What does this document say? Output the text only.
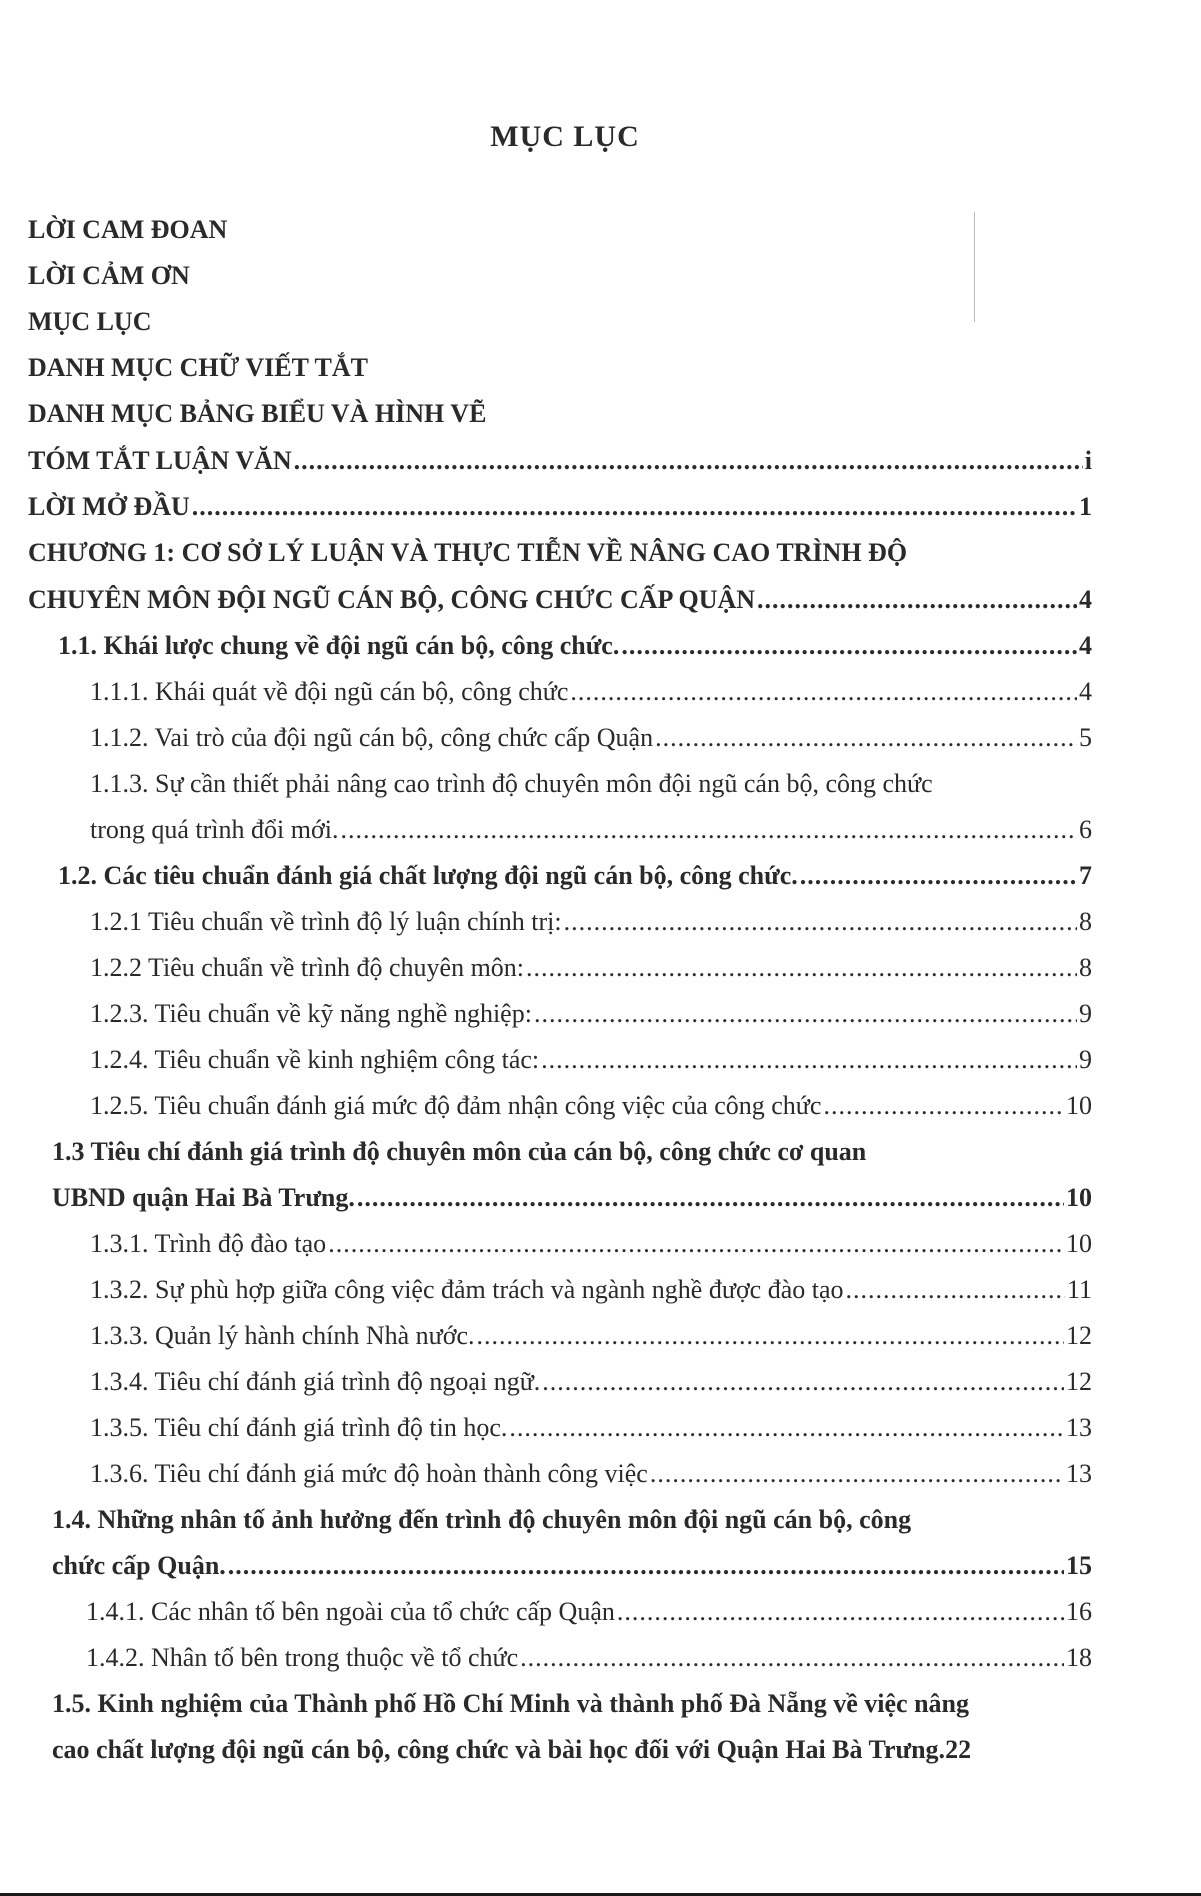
MỤC LỤC
LỜI CAM ĐOAN
LỜI CẢM ƠN
MỤC LỤC
DANH MỤC CHỮ VIẾT TẮT
DANH MỤC BẢNG BIỂU VÀ HÌNH VẼ
TÓM TẮT LUẬN VĂN .....	i
LỜI MỞ ĐẦU .....	1
CHƯƠNG 1: CƠ SỞ LÝ LUẬN VÀ THỰC TIỄN VỀ NÂNG CAO TRÌNH ĐỘ
CHUYÊN MÔN ĐỘI NGŨ CÁN BỘ, CÔNG CHỨC CẤP QUẬN .....	4
1.1. Khái lược chung về đội ngũ cán bộ, công chức. .....	4
1.1.1. Khái quát về đội ngũ cán bộ, công chức .....	4
1.1.2. Vai trò của đội ngũ cán bộ, công chức cấp Quận .....	5
1.1.3. Sự cần thiết phải nâng cao trình độ chuyên môn đội ngũ cán bộ, công chức
trong quá trình đổi mới. .....	6
1.2. Các tiêu chuẩn đánh giá chất lượng đội ngũ cán bộ, công chức. .....	7
1.2.1 Tiêu chuẩn về trình độ lý luận chính trị: .....	8
1.2.2 Tiêu chuẩn về trình độ chuyên môn: .....	8
1.2.3. Tiêu chuẩn về kỹ năng nghề nghiệp: .....	9
1.2.4. Tiêu chuẩn về kinh nghiệm công tác: .....	9
1.2.5. Tiêu chuẩn đánh giá mức độ đảm nhận công việc của công chức .....	10
1.3 Tiêu chí đánh giá trình độ chuyên môn của cán bộ, công chức cơ quan
UBND quận Hai Bà Trưng. .....	10
1.3.1. Trình độ đào tạo .....	10
1.3.2. Sự phù hợp giữa công việc đảm trách và ngành nghề được đào tạo .....	11
1.3.3. Quản lý hành chính Nhà nước. .....	12
1.3.4. Tiêu chí đánh giá trình độ ngoại ngữ. .....	12
1.3.5. Tiêu chí đánh giá trình độ tin học. .....	13
1.3.6. Tiêu chí đánh giá mức độ hoàn thành công việc .....	13
1.4. Những nhân tố ảnh hưởng đến trình độ chuyên môn đội ngũ cán bộ, công
chức cấp Quận. .....	15
1.4.1. Các nhân tố bên ngoài của tổ chức cấp Quận .....	16
1.4.2. Nhân tố bên trong thuộc về tổ chức .....	18
1.5. Kinh nghiệm của Thành phố Hồ Chí Minh và thành phố Đà Nẵng về việc nâng
cao chất lượng đội ngũ cán bộ, công chức và bài học đối với Quận Hai Bà Trưng. 22
